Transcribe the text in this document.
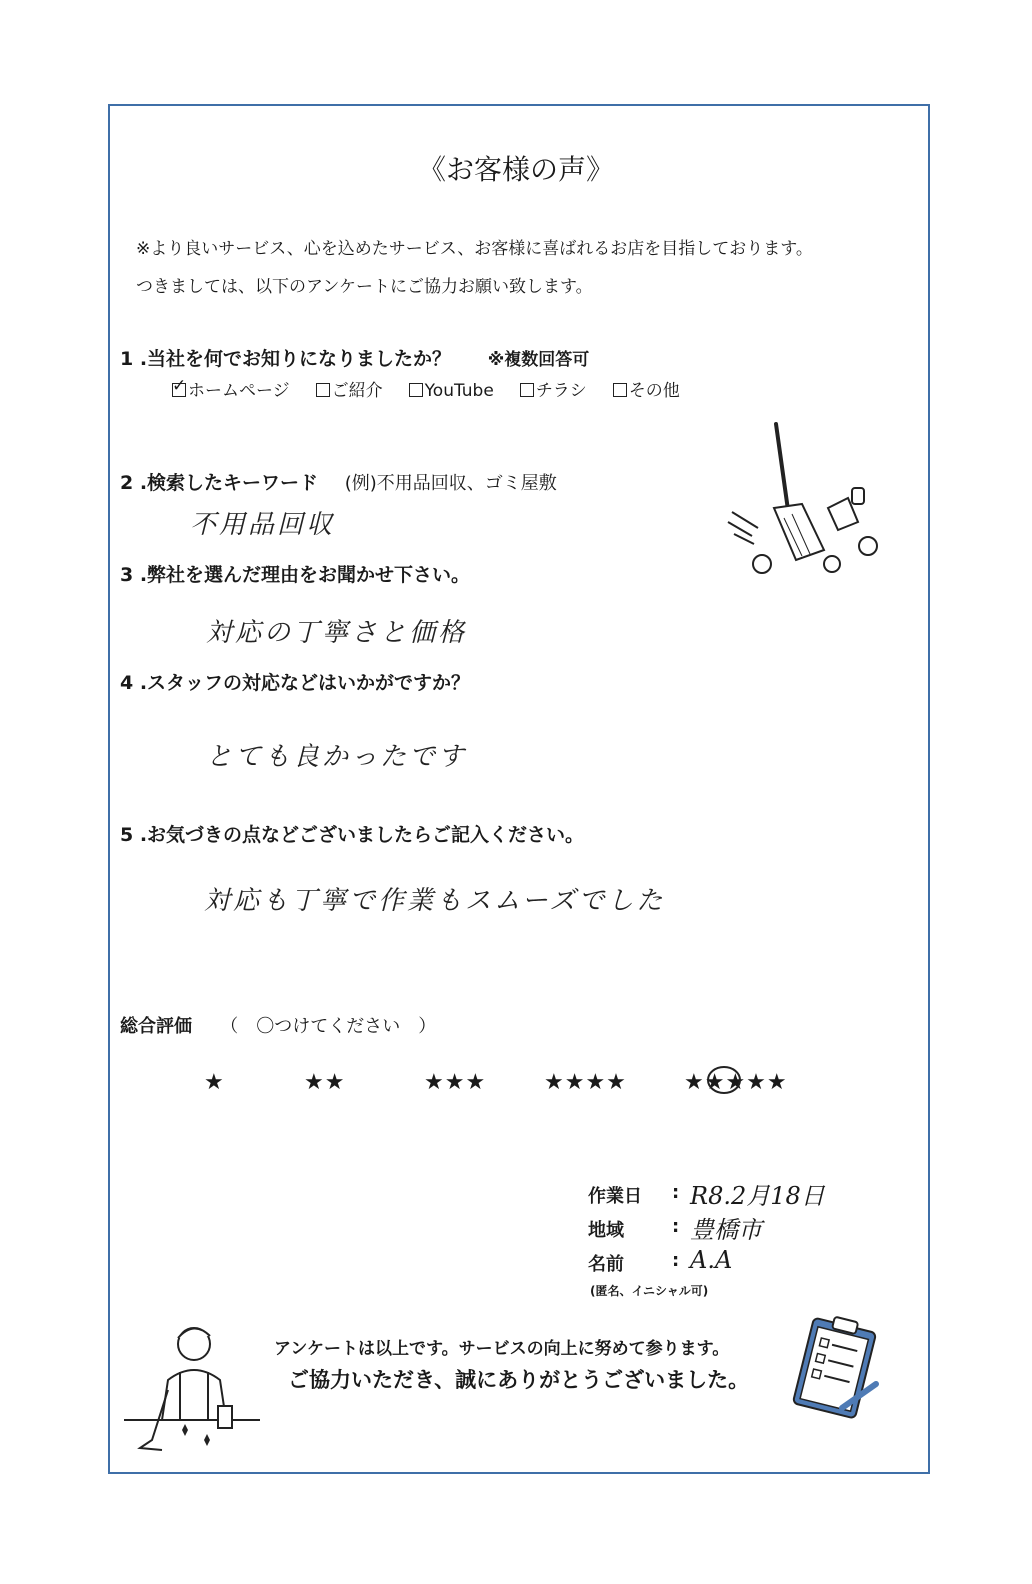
《お客様の声》
※より良いサービス、心を込めたサービス、お客様に喜ばれるお店を目指しております。
つきましては、以下のアンケートにご協力お願い致します。
1 .当社を何でお知りになりましたか？ ※複数回答可
✓ホームページ ご紹介 YouTube チラシ その他
2 .検索したキーワード (例)不用品回収、ゴミ屋敷
不用品回収
3 .弊社を選んだ理由をお聞かせ下さい。
対応の丁寧さと価格
4 .スタッフの対応などはいかがですか？
とても良かったです
5 .お気づきの点などございましたらご記入ください。
対応も丁寧で作業もスムーズでした
総合評価 （　〇つけてください　）
★	★★	★★★	★★★★	★★★★★
作業日 : R8.2月18日
地域	: 豊橋市
名前	: A.A
(匿名、イニシャル可)
アンケートは以上です。サービスの向上に努めて参ります。
ご協力いただき、誠にありがとうございました。
